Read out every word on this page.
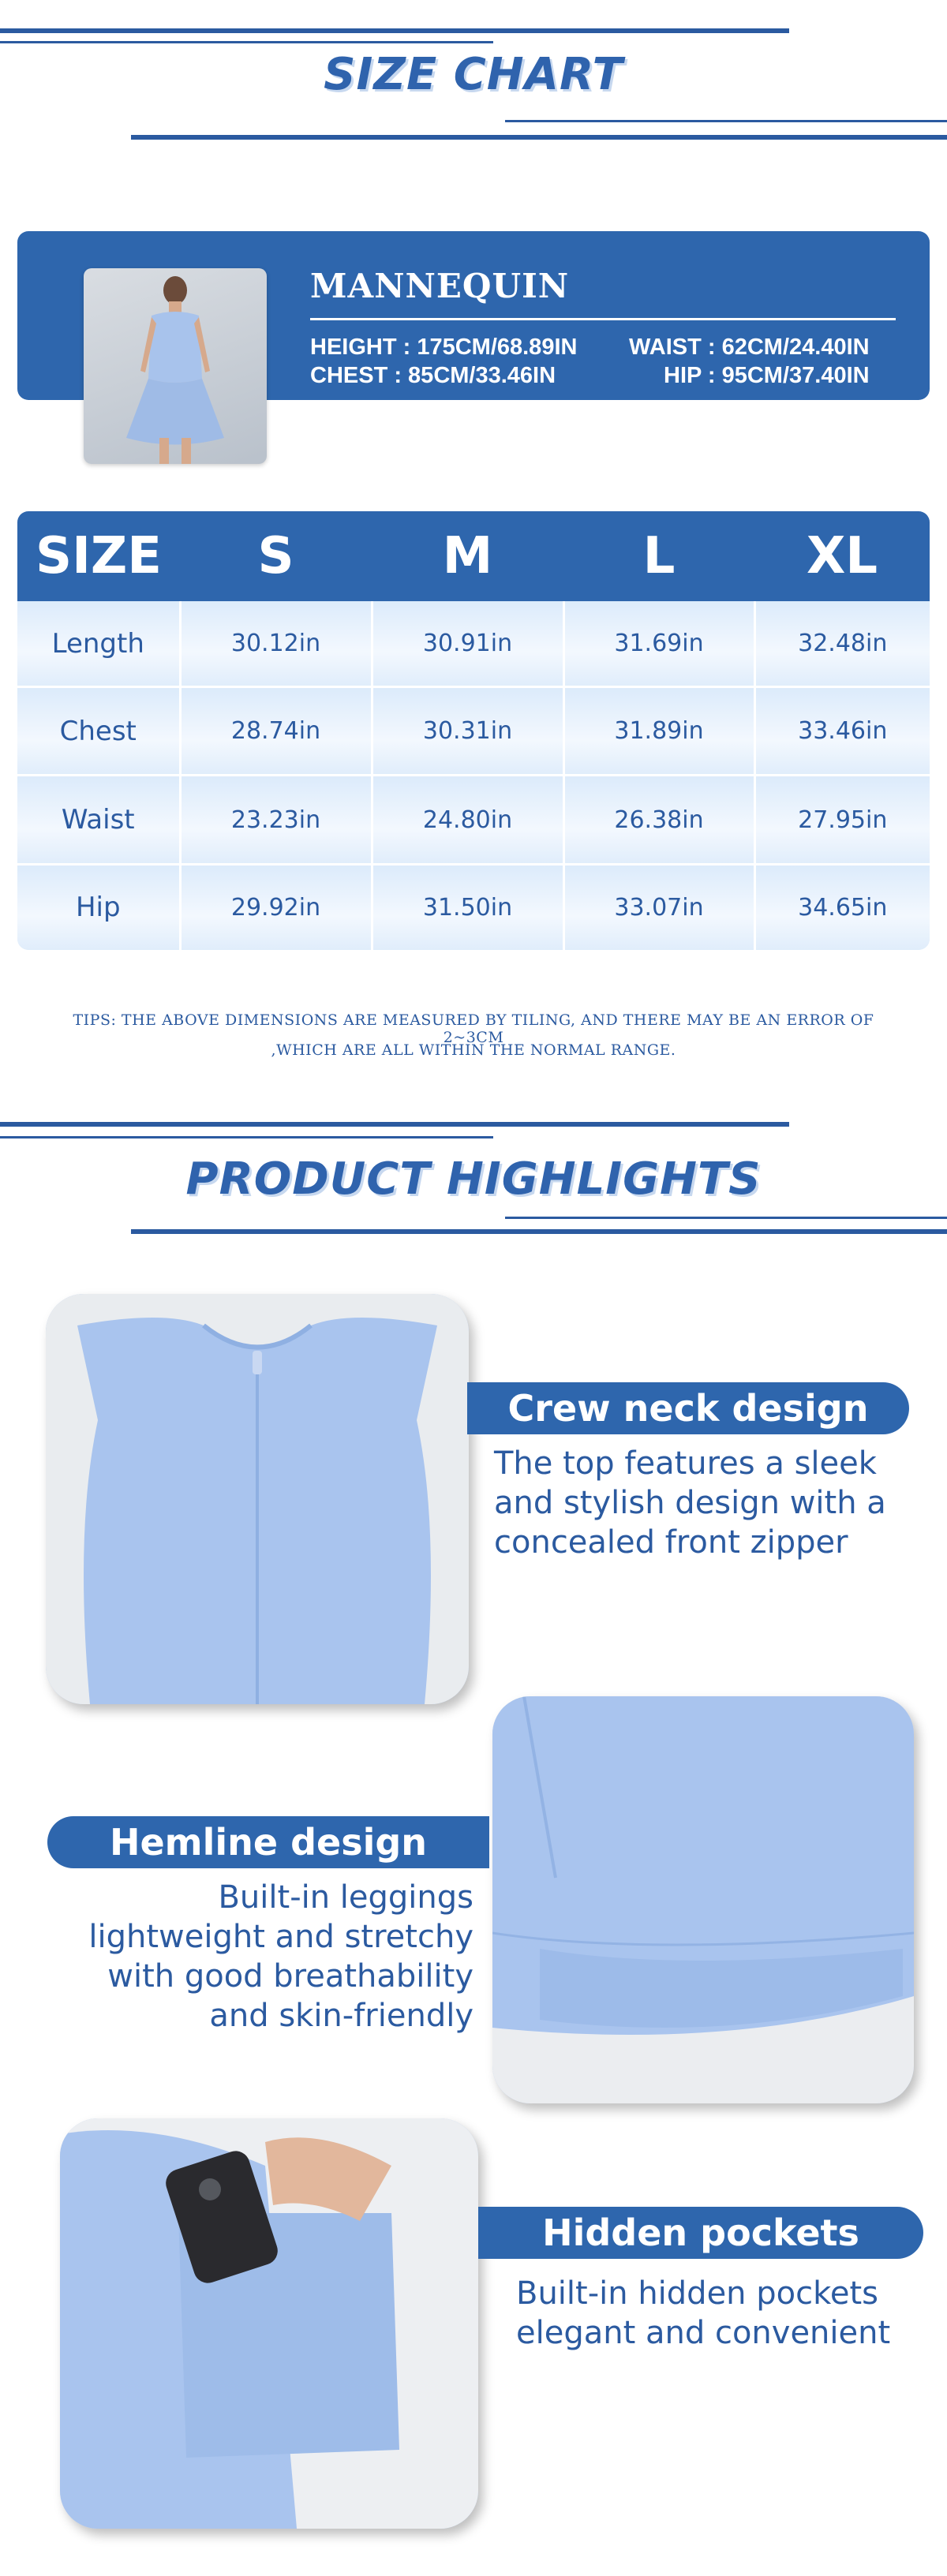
SIZE CHART
MANNEQUIN
HEIGHT : 175CM/68.89IN WAIST : 62CM/24.40IN
CHEST : 85CM/33.46IN	HIP : 95CM/37.40IN
SIZE	S	M	L	XL
Length	30.12in	30.91in	31.69in	32.48in
Chest	28.74in	30.31in	31.89in	33.46in
Waist	23.23in	24.80in	26.38in	27.95in
Hip	29.92in	31.50in	33.07in	34.65in
TIPS: THE ABOVE DIMENSIONS ARE MEASURED BY TILING, AND THERE MAY BE AN ERROR OF 2~3CM
,WHICH ARE ALL WITHIN THE NORMAL RANGE.
PRODUCT HIGHLIGHTS
Crew neck design
The top features a sleek
and stylish design with a
concealed front zipper
Hemline design
Built-in leggings
lightweight and stretchy
with good breathability
and skin-friendly
Hidden pockets
Built-in hidden pockets
elegant and convenient
